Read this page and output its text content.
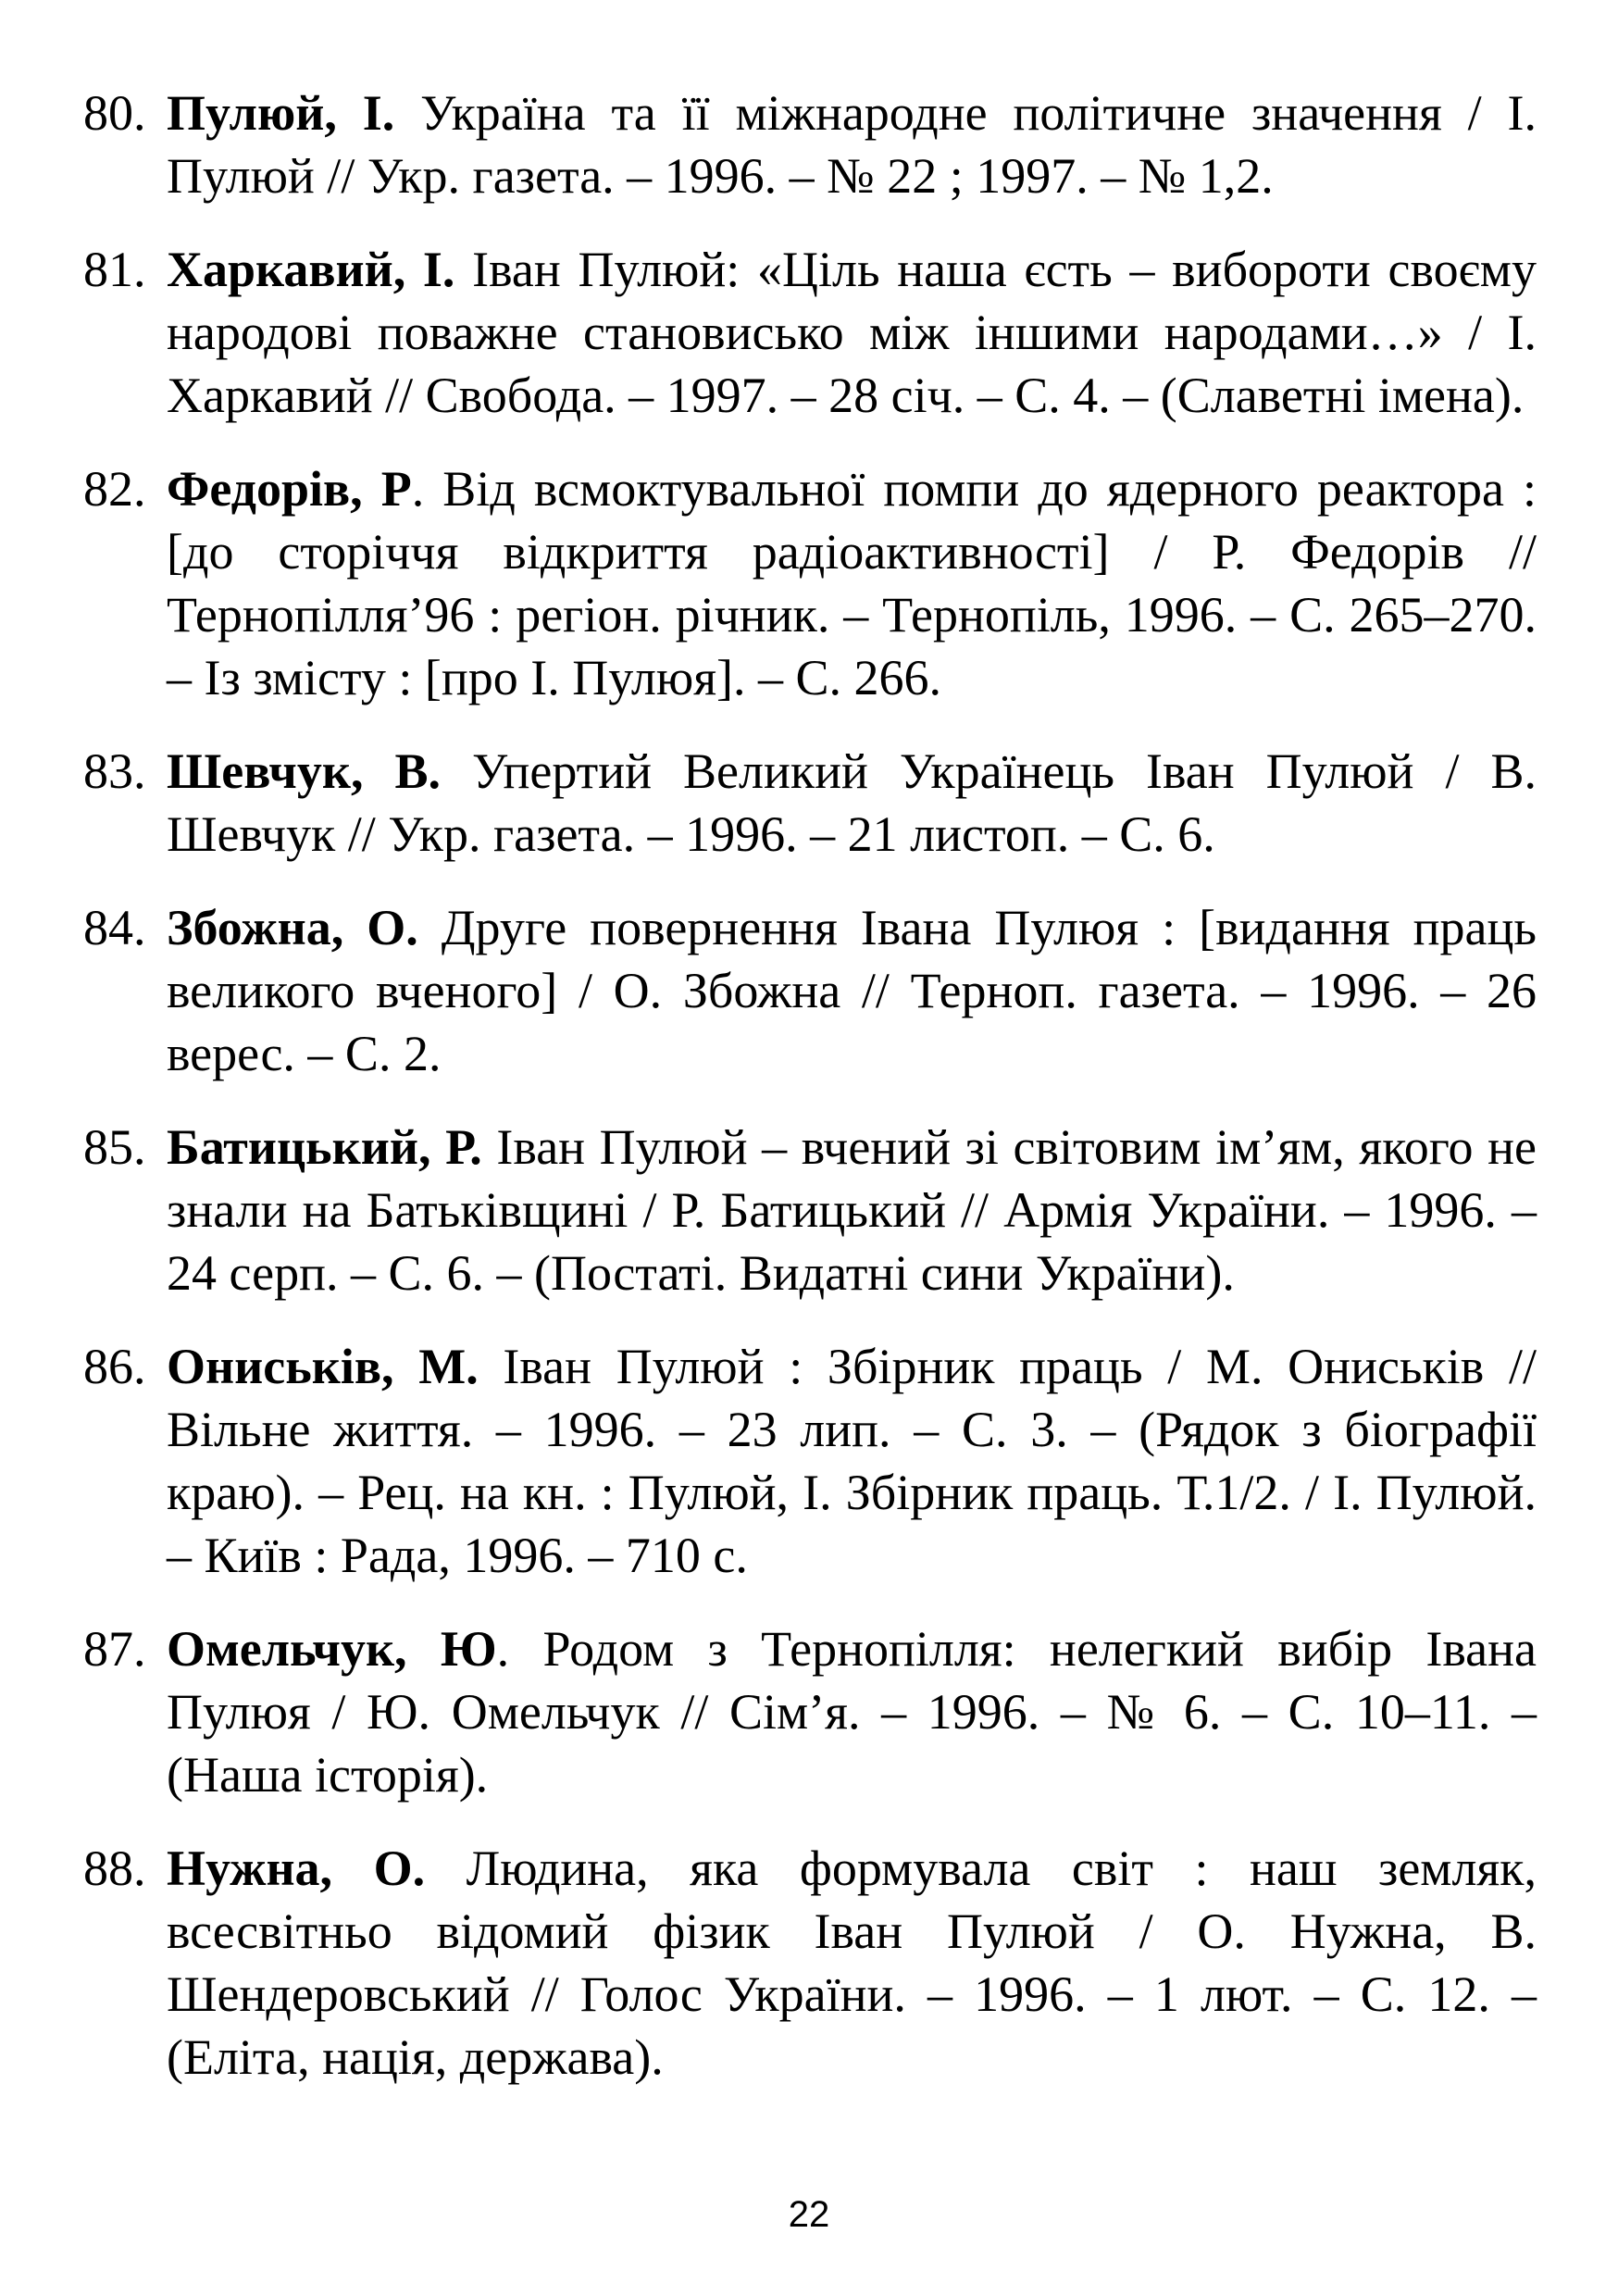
80. Пулюй, І. Україна та її міжнародне політичне значення / І. Пулюй // Укр. газета. – 1996. – № 22 ; 1997. – № 1,2.
81. Харкавий, І. Іван Пулюй: «Ціль наша єсть – вибороти своєму народові поважне становисько між іншими народами…» / І. Харкавий // Свобода. – 1997. – 28 січ. – С. 4. – (Славетні імена).
82. Федорів, Р. Від всмоктувальної помпи до ядерного реактора : [до сторіччя відкриття радіоактивності] / Р. Федорів // Тернопілля’96 : регіон. річник. – Тернопіль, 1996. – С. 265–270. – Із змісту : [про І. Пулюя]. – С. 266.
83. Шевчук, В. Упертий Великий Українець Іван Пулюй / В. Шевчук // Укр. газета. – 1996. – 21 листоп. – С. 6.
84. Збожна, О. Друге повернення Івана Пулюя : [видання праць великого вченого] / О. Збожна // Терноп. газета. – 1996. – 26 верес. – С. 2.
85. Батицький, Р. Іван Пулюй – вчений зі світовим ім’ям, якого не знали на Батьківщині / Р. Батицький // Армія України. – 1996. – 24 серп. – С. 6. – (Постаті. Видатні сини України).
86. Ониськів, М. Іван Пулюй : Збірник праць / М. Ониськів // Вільне життя. – 1996. – 23 лип. – С. 3. – (Рядок з біографії краю). – Рец. на кн. : Пулюй, І. Збірник праць. Т.1/2. / І. Пулюй. – Київ : Рада, 1996. – 710 с.
87. Омельчук, Ю. Родом з Тернопілля: нелегкий вибір Івана Пулюя / Ю. Омельчук // Сім’я. – 1996. – № 6. – С. 10–11. – (Наша історія).
88. Нужна, О. Людина, яка формувала світ : наш земляк, всесвітньо відомий фізик Іван Пулюй / О. Нужна, В. Шендеровський // Голос України. – 1996. – 1 лют. – С. 12. – (Еліта, нація, держава).
22
